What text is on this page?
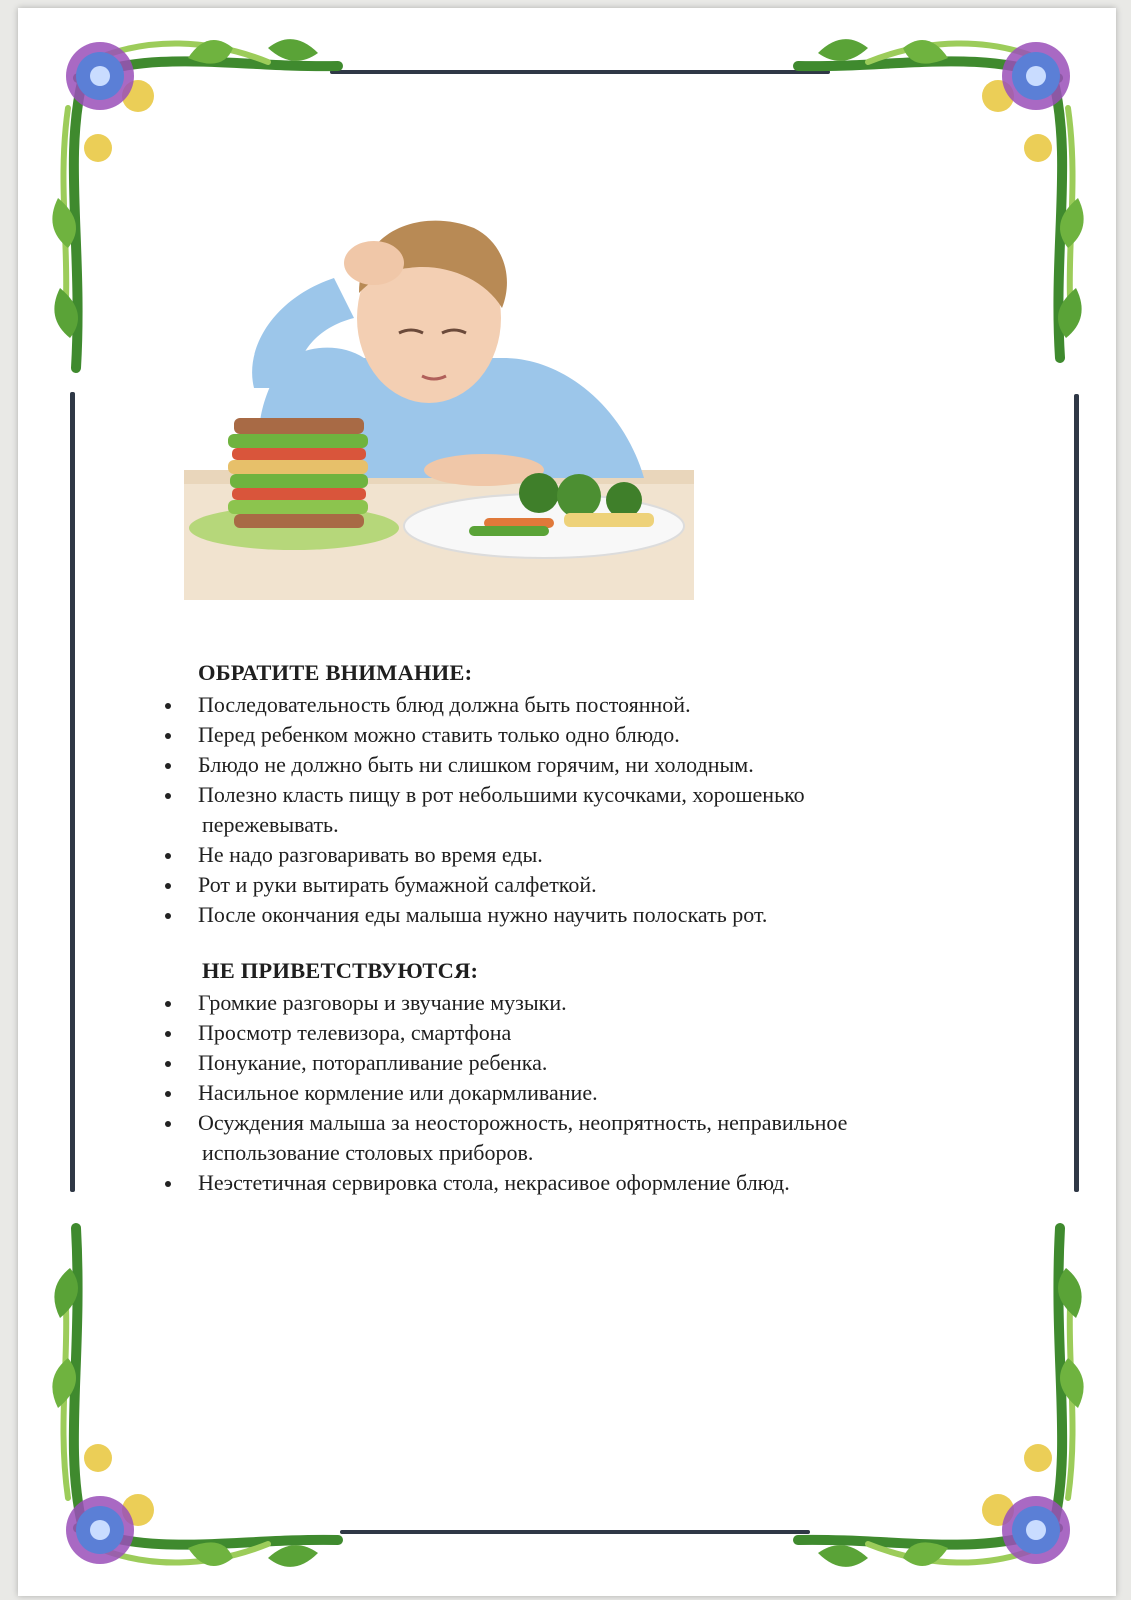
ОБРАТИТЕ ВНИМАНИЕ:
Последовательность блюд должна быть постоянной.
Перед ребенком можно ставить только одно блюдо.
Блюдо не должно быть ни слишком горячим, ни холодным.
Полезно класть пищу в рот небольшими кусочками, хорошенько
пережевывать.
Не надо разговаривать во время еды.
Рот и руки вытирать бумажной салфеткой.
После окончания еды малыша нужно научить полоскать рот.
НЕ ПРИВЕТСТВУЮТСЯ:
Громкие разговоры и звучание музыки.
Просмотр телевизора, смартфона
Понукание, поторапливание ребенка.
Насильное кормление или докармливание.
Осуждения малыша за неосторожность, неопрятность, неправильное
использование столовых приборов.
Неэстетичная сервировка стола, некрасивое оформление блюд.
